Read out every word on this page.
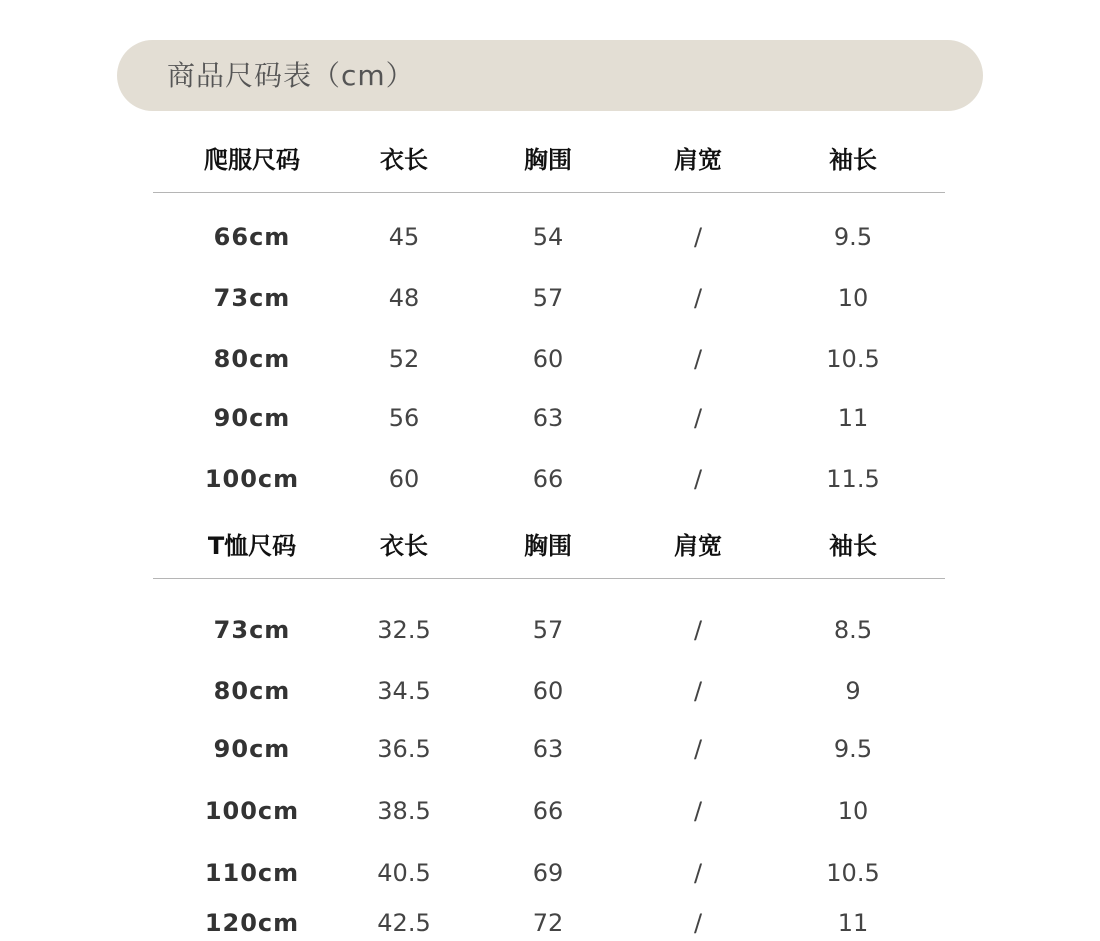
商品尺码表（cm）
爬服尺码	衣长	胸围	肩宽	袖长
66cm	45	54	/	9.5
73cm	48	57	/	10
80cm	52	60	/	10.5
90cm	56	63	/	11
100cm	60	66	/	11.5
T恤尺码	衣长	胸围	肩宽	袖长
73cm	32.5	57	/	8.5
80cm	34.5	60	/	9
90cm	36.5	63	/	9.5
100cm	38.5	66	/	10
110cm	40.5	69	/	10.5
120cm	42.5	72	/	11
